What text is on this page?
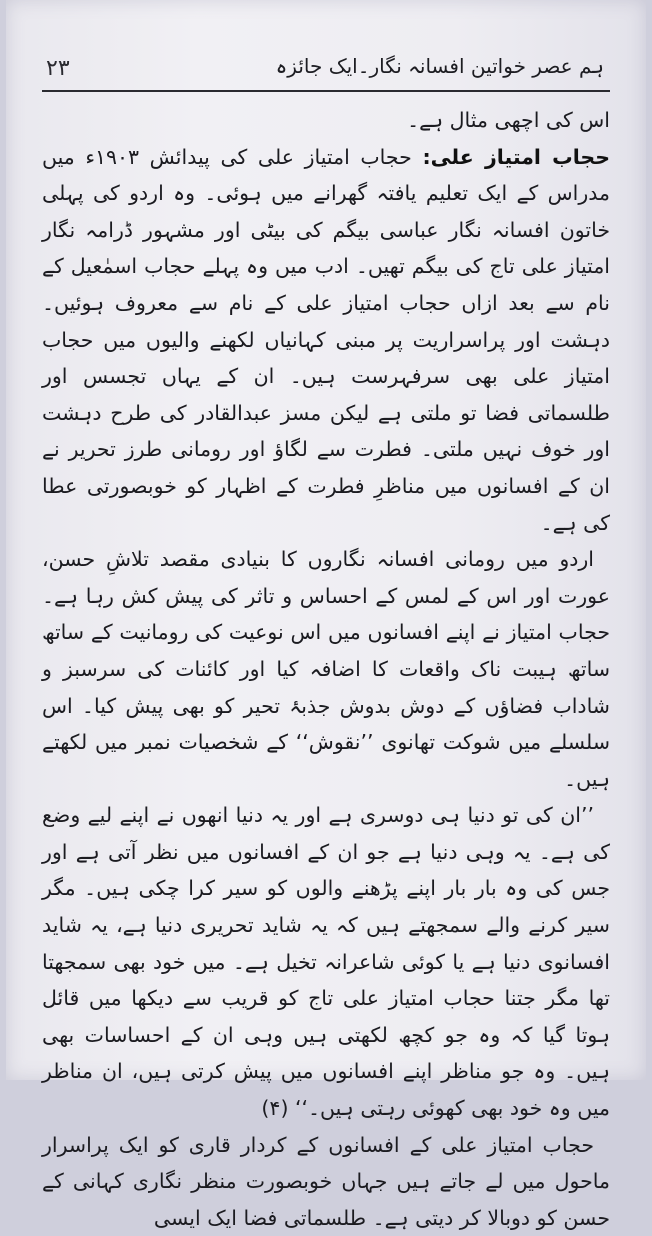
۲۳	ہم عصر خواتین افسانہ نگار۔ایک جائزہ

اس کی اچھی مثال ہے۔

حجاب امتیاز علی: حجاب امتیاز علی کی پیدائش ۱۹۰۳ء میں مدراس کے ایک تعلیم یافتہ گھرانے میں ہوئی۔ وہ اردو کی پہلی خاتون افسانہ نگار عباسی بیگم کی بیٹی اور مشہور ڈرامہ نگار امتیاز علی تاج کی بیگم تھیں۔ ادب میں وہ پہلے حجاب اسمٰعیل کے نام سے بعد ازاں حجاب امتیاز علی کے نام سے معروف ہوئیں۔ دہشت اور پراسراریت پر مبنی کہانیاں لکھنے والیوں میں حجاب امتیاز علی بھی سرفہرست ہیں۔ ان کے یہاں تجسس اور طلسماتی فضا تو ملتی ہے لیکن مسز عبدالقادر کی طرح دہشت اور خوف نہیں ملتی۔ فطرت سے لگاؤ اور رومانی طرز تحریر نے ان کے افسانوں میں مناظرِ فطرت کے اظہار کو خوبصورتی عطا کی ہے۔

اردو میں رومانی افسانہ نگاروں کا بنیادی مقصد تلاشِ حسن، عورت اور اس کے لمس کے احساس و تاثر کی پیش کش رہا ہے۔ حجاب امتیاز نے اپنے افسانوں میں اس نوعیت کی رومانیت کے ساتھ ساتھ ہیبت ناک واقعات کا اضافہ کیا اور کائنات کی سرسبز و شاداب فضاؤں کے دوش بدوش جذبۂ تحیر کو بھی پیش کیا۔ اس سلسلے میں شوکت تھانوی ’’نقوش‘‘ کے شخصیات نمبر میں لکھتے ہیں۔

’’ان کی تو دنیا ہی دوسری ہے اور یہ دنیا انھوں نے اپنے لیے وضع کی ہے۔ یہ وہی دنیا ہے جو ان کے افسانوں میں نظر آتی ہے اور جس کی وہ بار بار اپنے پڑھنے والوں کو سیر کرا چکی ہیں۔ مگر سیر کرنے والے سمجھتے ہیں کہ یہ شاید تحریری دنیا ہے، یہ شاید افسانوی دنیا ہے یا کوئی شاعرانہ تخیل ہے۔ میں خود بھی سمجھتا تھا مگر جتنا حجاب امتیاز علی تاج کو قریب سے دیکھا میں قائل ہوتا گیا کہ وہ جو کچھ لکھتی ہیں وہی ان کے احساسات بھی ہیں۔ وہ جو مناظر اپنے افسانوں میں پیش کرتی ہیں، ان مناظر میں وہ خود بھی کھوئی رہتی ہیں۔‘‘ (۴)

حجاب امتیاز علی کے افسانوں کے کردار قاری کو ایک پراسرار ماحول میں لے جاتے ہیں جہاں خوبصورت منظر نگاری کہانی کے حسن کو دوبالا کر دیتی ہے۔ طلسماتی فضا ایک ایسی
